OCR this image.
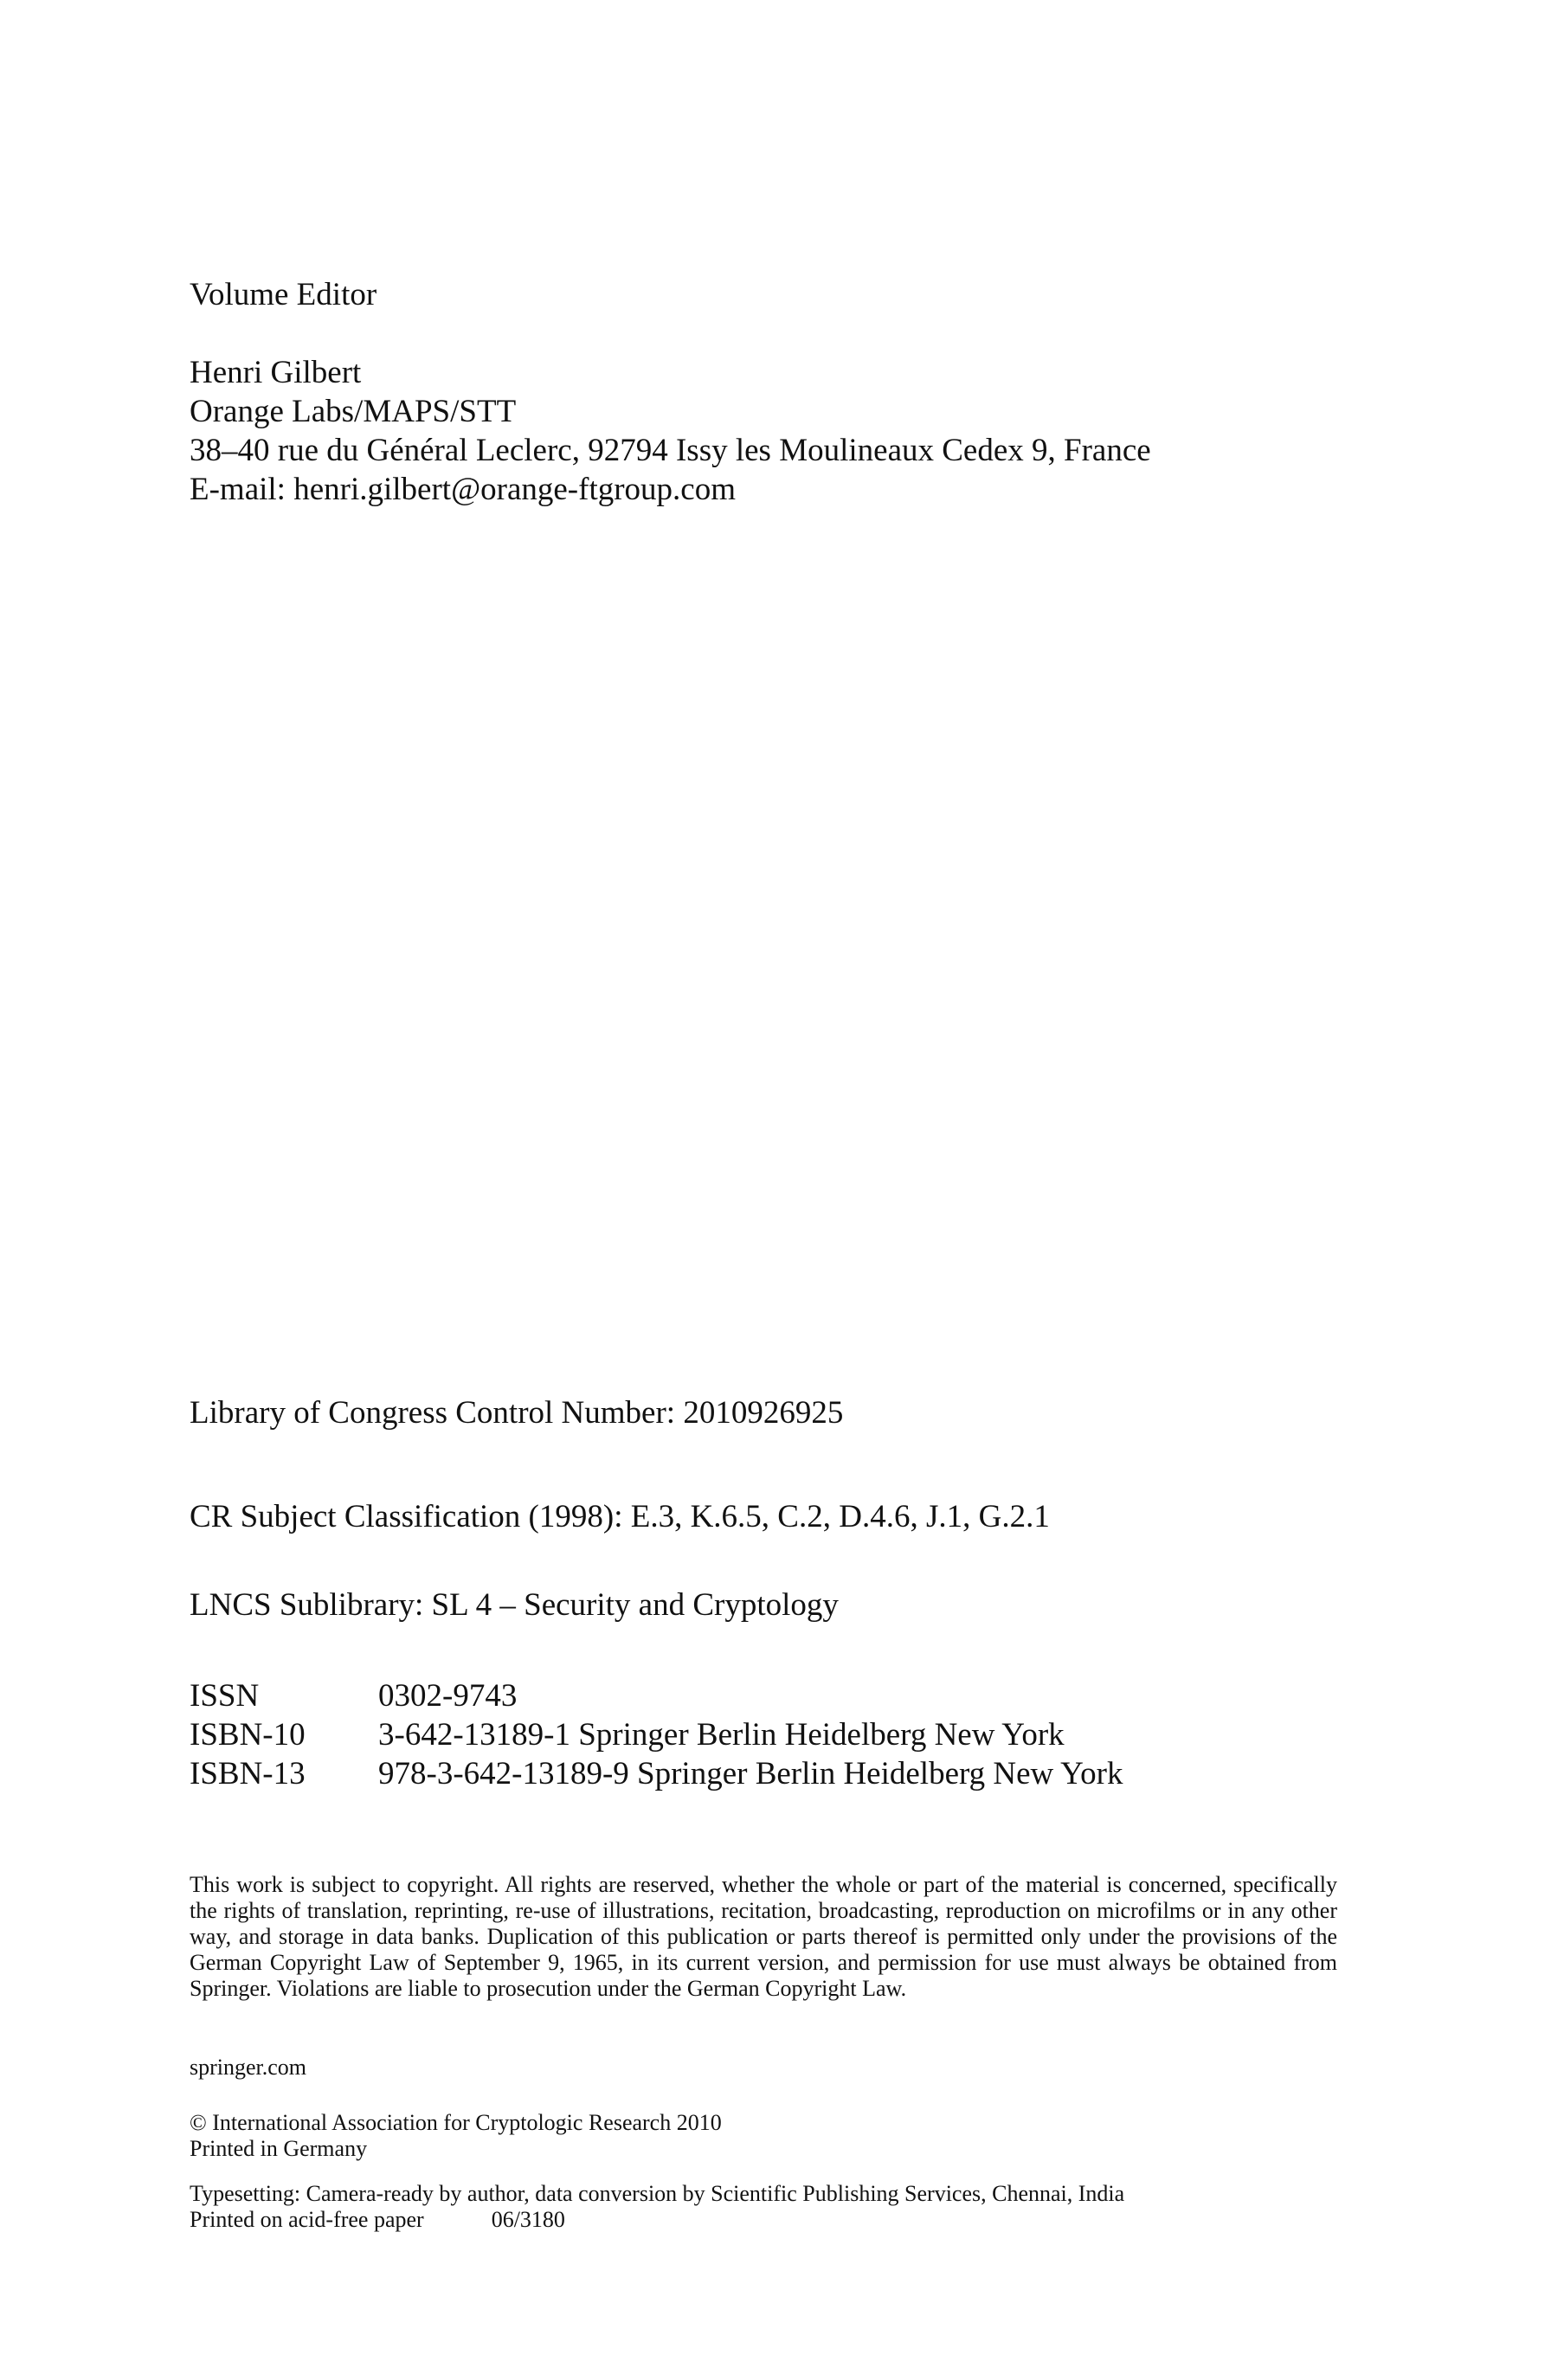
Volume Editor
Henri Gilbert
Orange Labs/MAPS/STT
38–40 rue du Général Leclerc, 92794 Issy les Moulineaux Cedex 9, France
E-mail: henri.gilbert@orange-ftgroup.com
Library of Congress Control Number: 2010926925
CR Subject Classification (1998): E.3, K.6.5, C.2, D.4.6, J.1, G.2.1
LNCS Sublibrary: SL 4 – Security and Cryptology
ISSN	0302-9743
ISBN-10	3-642-13189-1 Springer Berlin Heidelberg New York
ISBN-13	978-3-642-13189-9 Springer Berlin Heidelberg New York
This work is subject to copyright. All rights are reserved, whether the whole or part of the material is concerned, specifically the rights of translation, reprinting, re-use of illustrations, recitation, broadcasting, reproduction on microfilms or in any other way, and storage in data banks. Duplication of this publication or parts thereof is permitted only under the provisions of the German Copyright Law of September 9, 1965, in its current version, and permission for use must always be obtained from Springer. Violations are liable to prosecution under the German Copyright Law.
springer.com
© International Association for Cryptologic Research 2010
Printed in Germany
Typesetting: Camera-ready by author, data conversion by Scientific Publishing Services, Chennai, India
Printed on acid-free paper	06/3180
